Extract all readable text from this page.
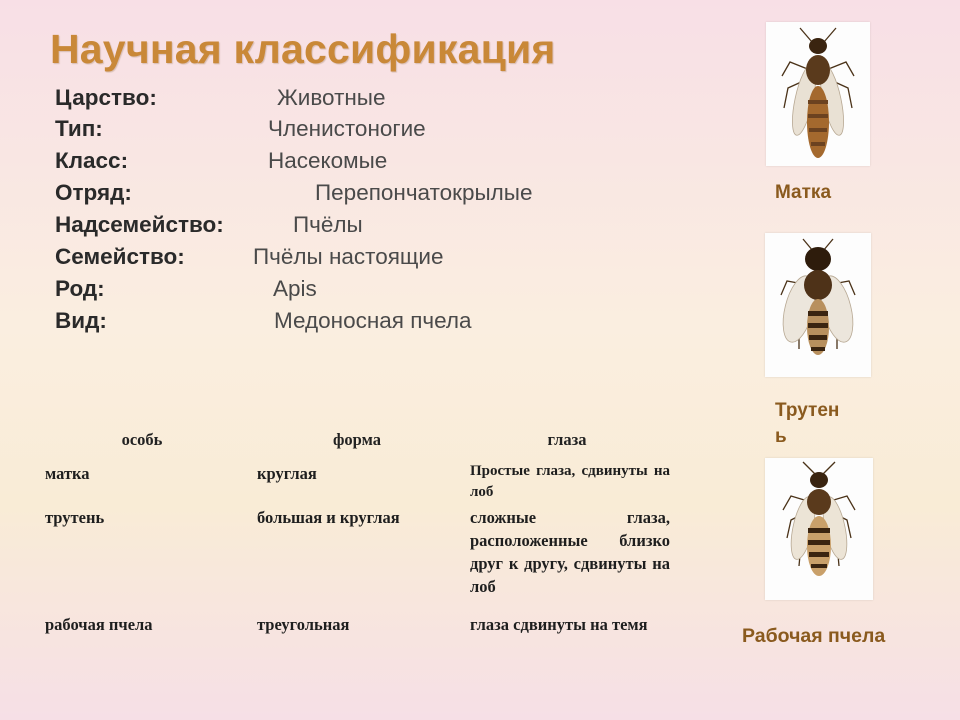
Научная классификация
Царство:	Животные
Тип:	Членистоногие
Класс:	Насекомые
Отряд:	Перепончатокрылые
Надсемейство:	Пчёлы
Семейство:	Пчёлы настоящие
Род:	Apis
Вид:	Медоносная пчела
особь	форма	глаза
матка	круглая	Простые глаза, сдвинуты на лоб
трутень	большая и круглая	сложные глаза, расположенные близко друг к другу, сдвинуты на лоб
рабочая пчела	треугольная	глаза сдвинуты на темя
Матка
Трутен
ь
Рабочая пчела
